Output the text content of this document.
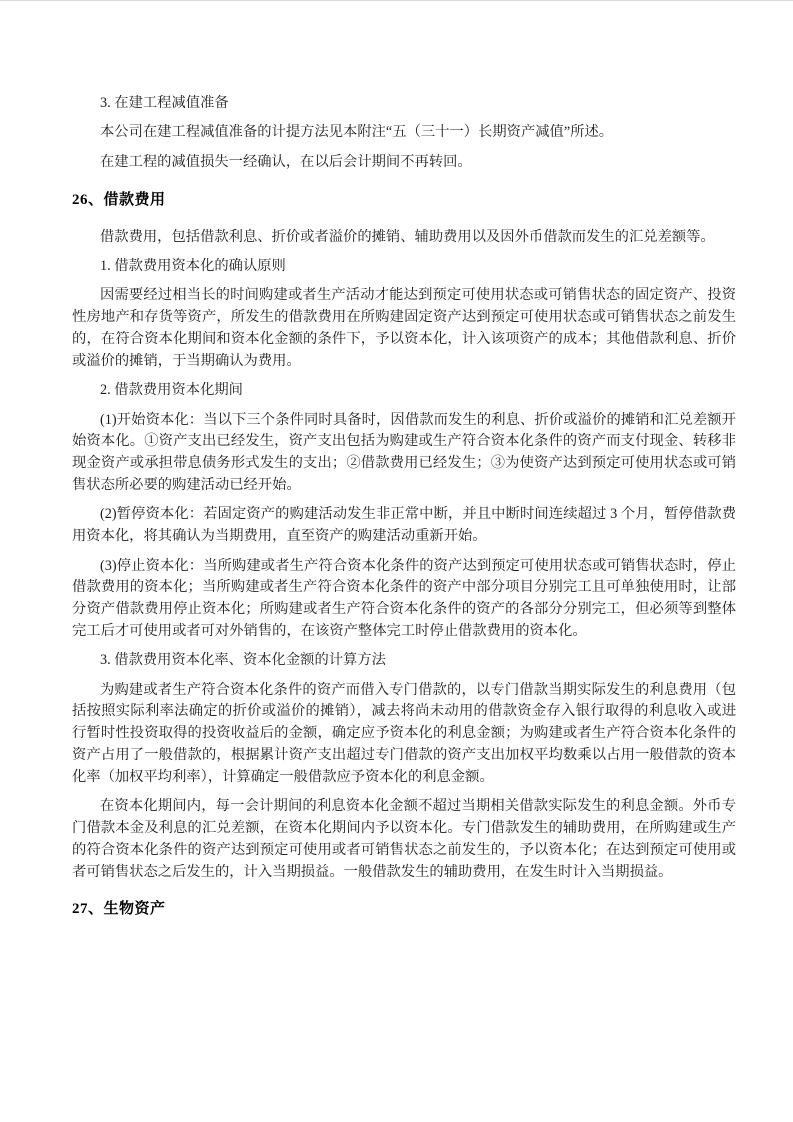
3. 在建工程减值准备

本公司在建工程减值准备的计提方法见本附注“五（三十一）长期资产减值”所述。

在建工程的减值损失一经确认，在以后会计期间不再转回。

26、借款费用

借款费用，包括借款利息、折价或者溢价的摊销、辅助费用以及因外币借款而发生的汇兑差额等。

1. 借款费用资本化的确认原则

因需要经过相当长的时间购建或者生产活动才能达到预定可使用状态或可销售状态的固定资产、投资性房地产和存货等资产，所发生的借款费用在所购建固定资产达到预定可使用状态或可销售状态之前发生的，在符合资本化期间和资本化金额的条件下，予以资本化，计入该项资产的成本；其他借款利息、折价或溢价的摊销，于当期确认为费用。

2. 借款费用资本化期间

(1)开始资本化：当以下三个条件同时具备时，因借款而发生的利息、折价或溢价的摊销和汇兑差额开始资本化。①资产支出已经发生，资产支出包括为购建或生产符合资本化条件的资产而支付现金、转移非现金资产或承担带息债务形式发生的支出；②借款费用已经发生；③为使资产达到预定可使用状态或可销售状态所必要的购建活动已经开始。

(2)暂停资本化：若固定资产的购建活动发生非正常中断，并且中断时间连续超过 3 个月，暂停借款费用资本化，将其确认为当期费用，直至资产的购建活动重新开始。

(3)停止资本化：当所购建或者生产符合资本化条件的资产达到预定可使用状态或可销售状态时，停止借款费用的资本化；当所购建或者生产符合资本化条件的资产中部分项目分别完工且可单独使用时，让部分资产借款费用停止资本化；所购建或者生产符合资本化条件的资产的各部分分别完工，但必须等到整体完工后才可使用或者可对外销售的，在该资产整体完工时停止借款费用的资本化。

3. 借款费用资本化率、资本化金额的计算方法

为购建或者生产符合资本化条件的资产而借入专门借款的，以专门借款当期实际发生的利息费用（包括按照实际利率法确定的折价或溢价的摊销），减去将尚未动用的借款资金存入银行取得的利息收入或进行暂时性投资取得的投资收益后的金额，确定应予资本化的利息金额；为购建或者生产符合资本化条件的资产占用了一般借款的，根据累计资产支出超过专门借款的资产支出加权平均数乘以占用一般借款的资本化率（加权平均利率），计算确定一般借款应予资本化的利息金额。

在资本化期间内，每一会计期间的利息资本化金额不超过当期相关借款实际发生的利息金额。外币专门借款本金及利息的汇兑差额，在资本化期间内予以资本化。专门借款发生的辅助费用，在所购建或生产的符合资本化条件的资产达到预定可使用或者可销售状态之前发生的，予以资本化；在达到预定可使用或者可销售状态之后发生的，计入当期损益。一般借款发生的辅助费用，在发生时计入当期损益。

27、生物资产
